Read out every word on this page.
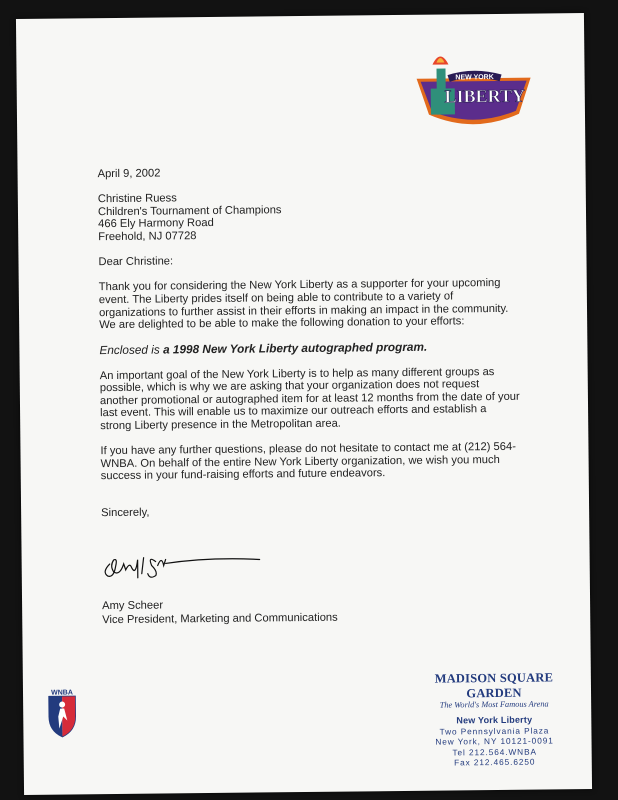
NEW YORK
LIBERTY

April 9, 2002

Christine Ruess
Children's Tournament of Champions
466 Ely Harmony Road
Freehold, NJ 07728

Dear Christine:

Thank you for considering the New York Liberty as a supporter for your upcoming event. The Liberty prides itself on being able to contribute to a variety of organizations to further assist in their efforts in making an impact in the community. We are delighted to be able to make the following donation to your efforts:

Enclosed is a 1998 New York Liberty autographed program.

An important goal of the New York Liberty is to help as many different groups as possible, which is why we are asking that your organization does not request another promotional or autographed item for at least 12 months from the date of your last event. This will enable us to maximize our outreach efforts and establish a strong Liberty presence in the Metropolitan area.

If you have any further questions, please do not hesitate to contact me at (212) 564-WNBA. On behalf of the entire New York Liberty organization, we wish you much success in your fund-raising efforts and future endeavors.

Sincerely,

Amy Scheer
Vice President, Marketing and Communications
WNBA
MADISON SQUARE GARDEN
The World's Most Famous Arena
New York Liberty
Two Pennsylvania Plaza
New York, NY 10121-0091
Tel 212.564.WNBA
Fax 212.465.6250
